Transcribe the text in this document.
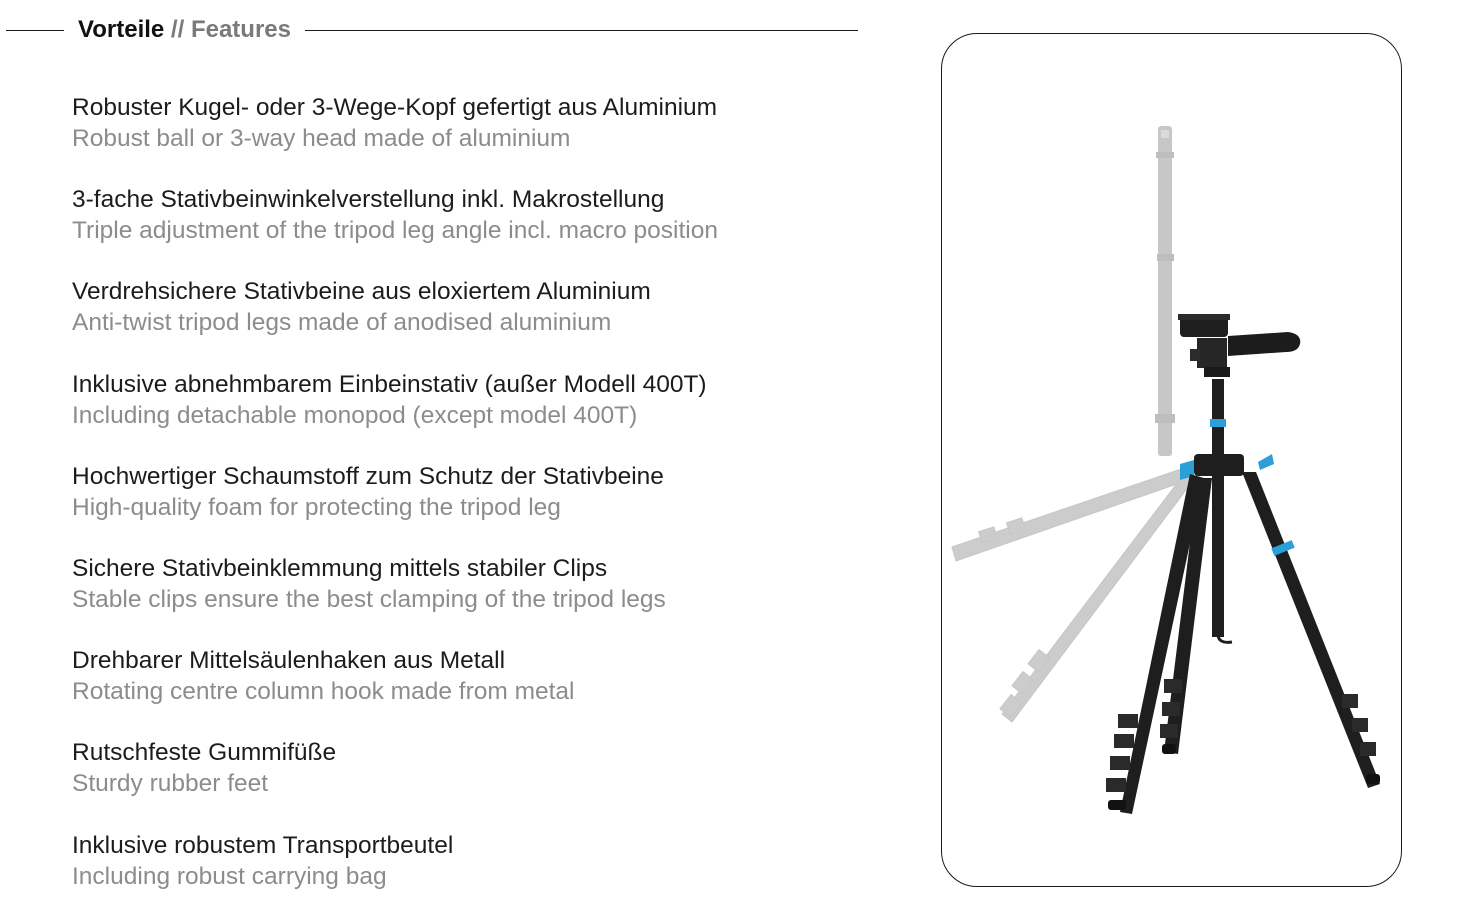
Vorteile // Features
Robuster Kugel- oder 3-Wege-Kopf gefertigt aus Aluminium
Robust ball or 3-way head made of aluminium
3-fache Stativbeinwinkelverstellung inkl. Makrostellung
Triple adjustment of the tripod leg angle incl. macro position
Verdrehsichere Stativbeine aus eloxiertem Aluminium
Anti-twist tripod legs made of anodised aluminium
Inklusive abnehmbarem Einbeinstativ (außer Modell 400T)
Including detachable monopod (except model 400T)
Hochwertiger Schaumstoff zum Schutz der Stativbeine
High-quality foam for protecting the tripod leg
Sichere Stativbeinklemmung mittels stabiler Clips
Stable clips ensure the best clamping of the tripod legs
Drehbarer Mittelsäulenhaken aus Metall
Rotating centre column hook made from metal
Rutschfeste Gummifüße
Sturdy rubber feet
Inklusive robustem Transportbeutel
Including robust carrying bag
